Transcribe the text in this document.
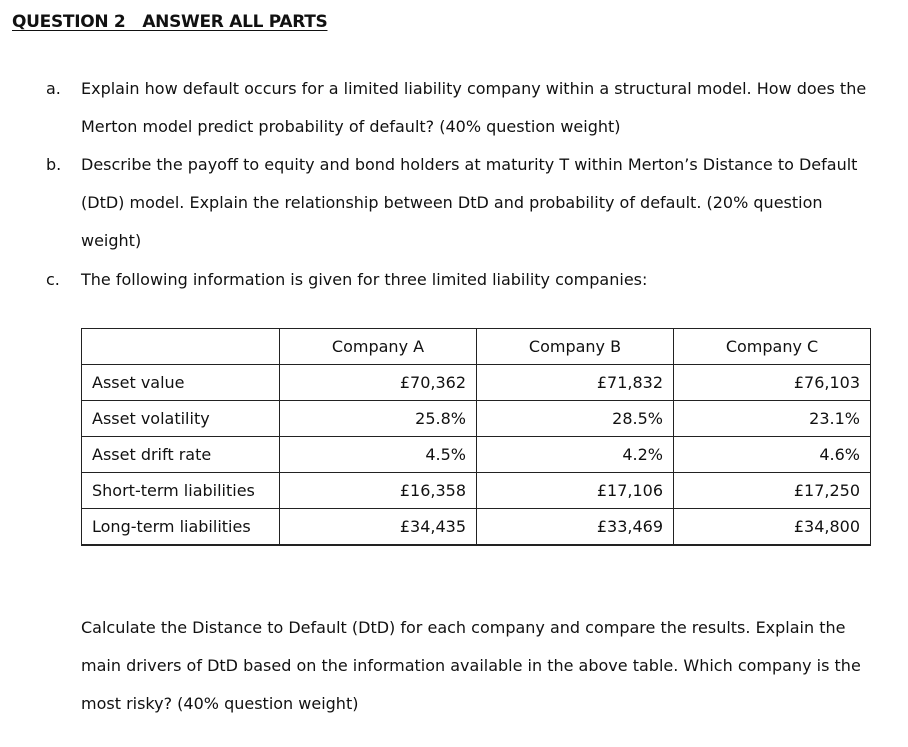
QUESTION 2   ANSWER ALL PARTS
a. Explain how default occurs for a limited liability company within a structural model. How does the Merton model predict probability of default? (40% question weight)
b. Describe the payoff to equity and bond holders at maturity T within Merton’s Distance to Default (DtD) model. Explain the relationship between DtD and probability of default. (20% question weight)
c. The following information is given for three limited liability companies:
	Company A	Company B	Company C
Asset value	£70,362	£71,832	£76,103
Asset volatility	25.8%	28.5%	23.1%
Asset drift rate	4.5%	4.2%	4.6%
Short-term liabilities	£16,358	£17,106	£17,250
Long-term liabilities	£34,435	£33,469	£34,800
Calculate the Distance to Default (DtD) for each company and compare the results. Explain the main drivers of DtD based on the information available in the above table. Which company is the most risky? (40% question weight)
